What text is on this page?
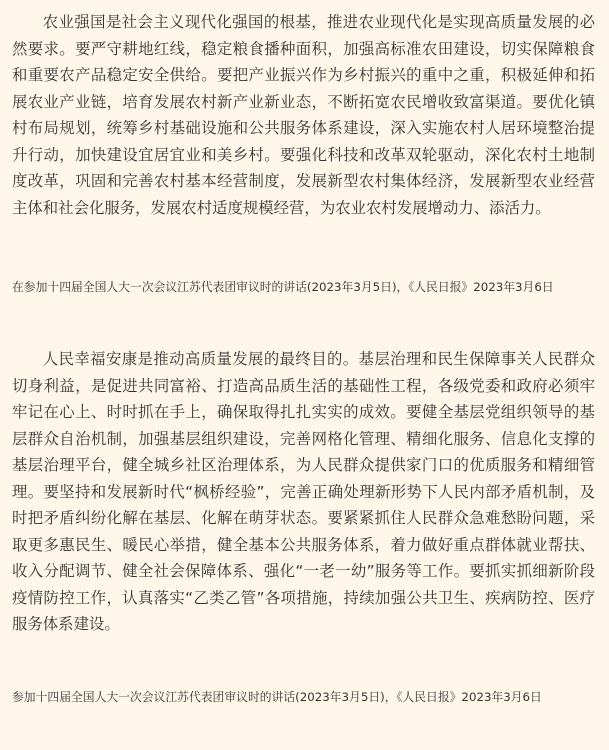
农业强国是社会主义现代化强国的根基，推进农业现代化是实现高质量发展的必然要求。要严守耕地红线，稳定粮食播种面积，加强高标准农田建设，切实保障粮食和重要农产品稳定安全供给。要把产业振兴作为乡村振兴的重中之重，积极延伸和拓展农业产业链，培育发展农村新产业新业态，不断拓宽农民增收致富渠道。要优化镇村布局规划，统筹乡村基础设施和公共服务体系建设，深入实施农村人居环境整治提升行动，加快建设宜居宜业和美乡村。要强化科技和改革双轮驱动，深化农村土地制度改革，巩固和完善农村基本经营制度，发展新型农村集体经济，发展新型农业经营主体和社会化服务，发展农村适度规模经营，为农业农村发展增动力、添活力。

在参加十四届全国人大一次会议江苏代表团审议时的讲话(2023年3月5日)，《人民日报》2023年3月6日

人民幸福安康是推动高质量发展的最终目的。基层治理和民生保障事关人民群众切身利益，是促进共同富裕、打造高品质生活的基础性工程，各级党委和政府必须牢牢记在心上、时时抓在手上，确保取得扎扎实实的成效。要健全基层党组织领导的基层群众自治机制，加强基层组织建设，完善网格化管理、精细化服务、信息化支撑的基层治理平台，健全城乡社区治理体系，为人民群众提供家门口的优质服务和精细管理。要坚持和发展新时代“枫桥经验”，完善正确处理新形势下人民内部矛盾机制，及时把矛盾纠纷化解在基层、化解在萌芽状态。要紧紧抓住人民群众急难愁盼问题，采取更多惠民生、暖民心举措，健全基本公共服务体系，着力做好重点群体就业帮扶、收入分配调节、健全社会保障体系、强化“一老一幼”服务等工作。要抓实抓细新阶段疫情防控工作，认真落实“乙类乙管”各项措施，持续加强公共卫生、疾病防控、医疗服务体系建设。

参加十四届全国人大一次会议江苏代表团审议时的讲话(2023年3月5日)，《人民日报》2023年3月6日
